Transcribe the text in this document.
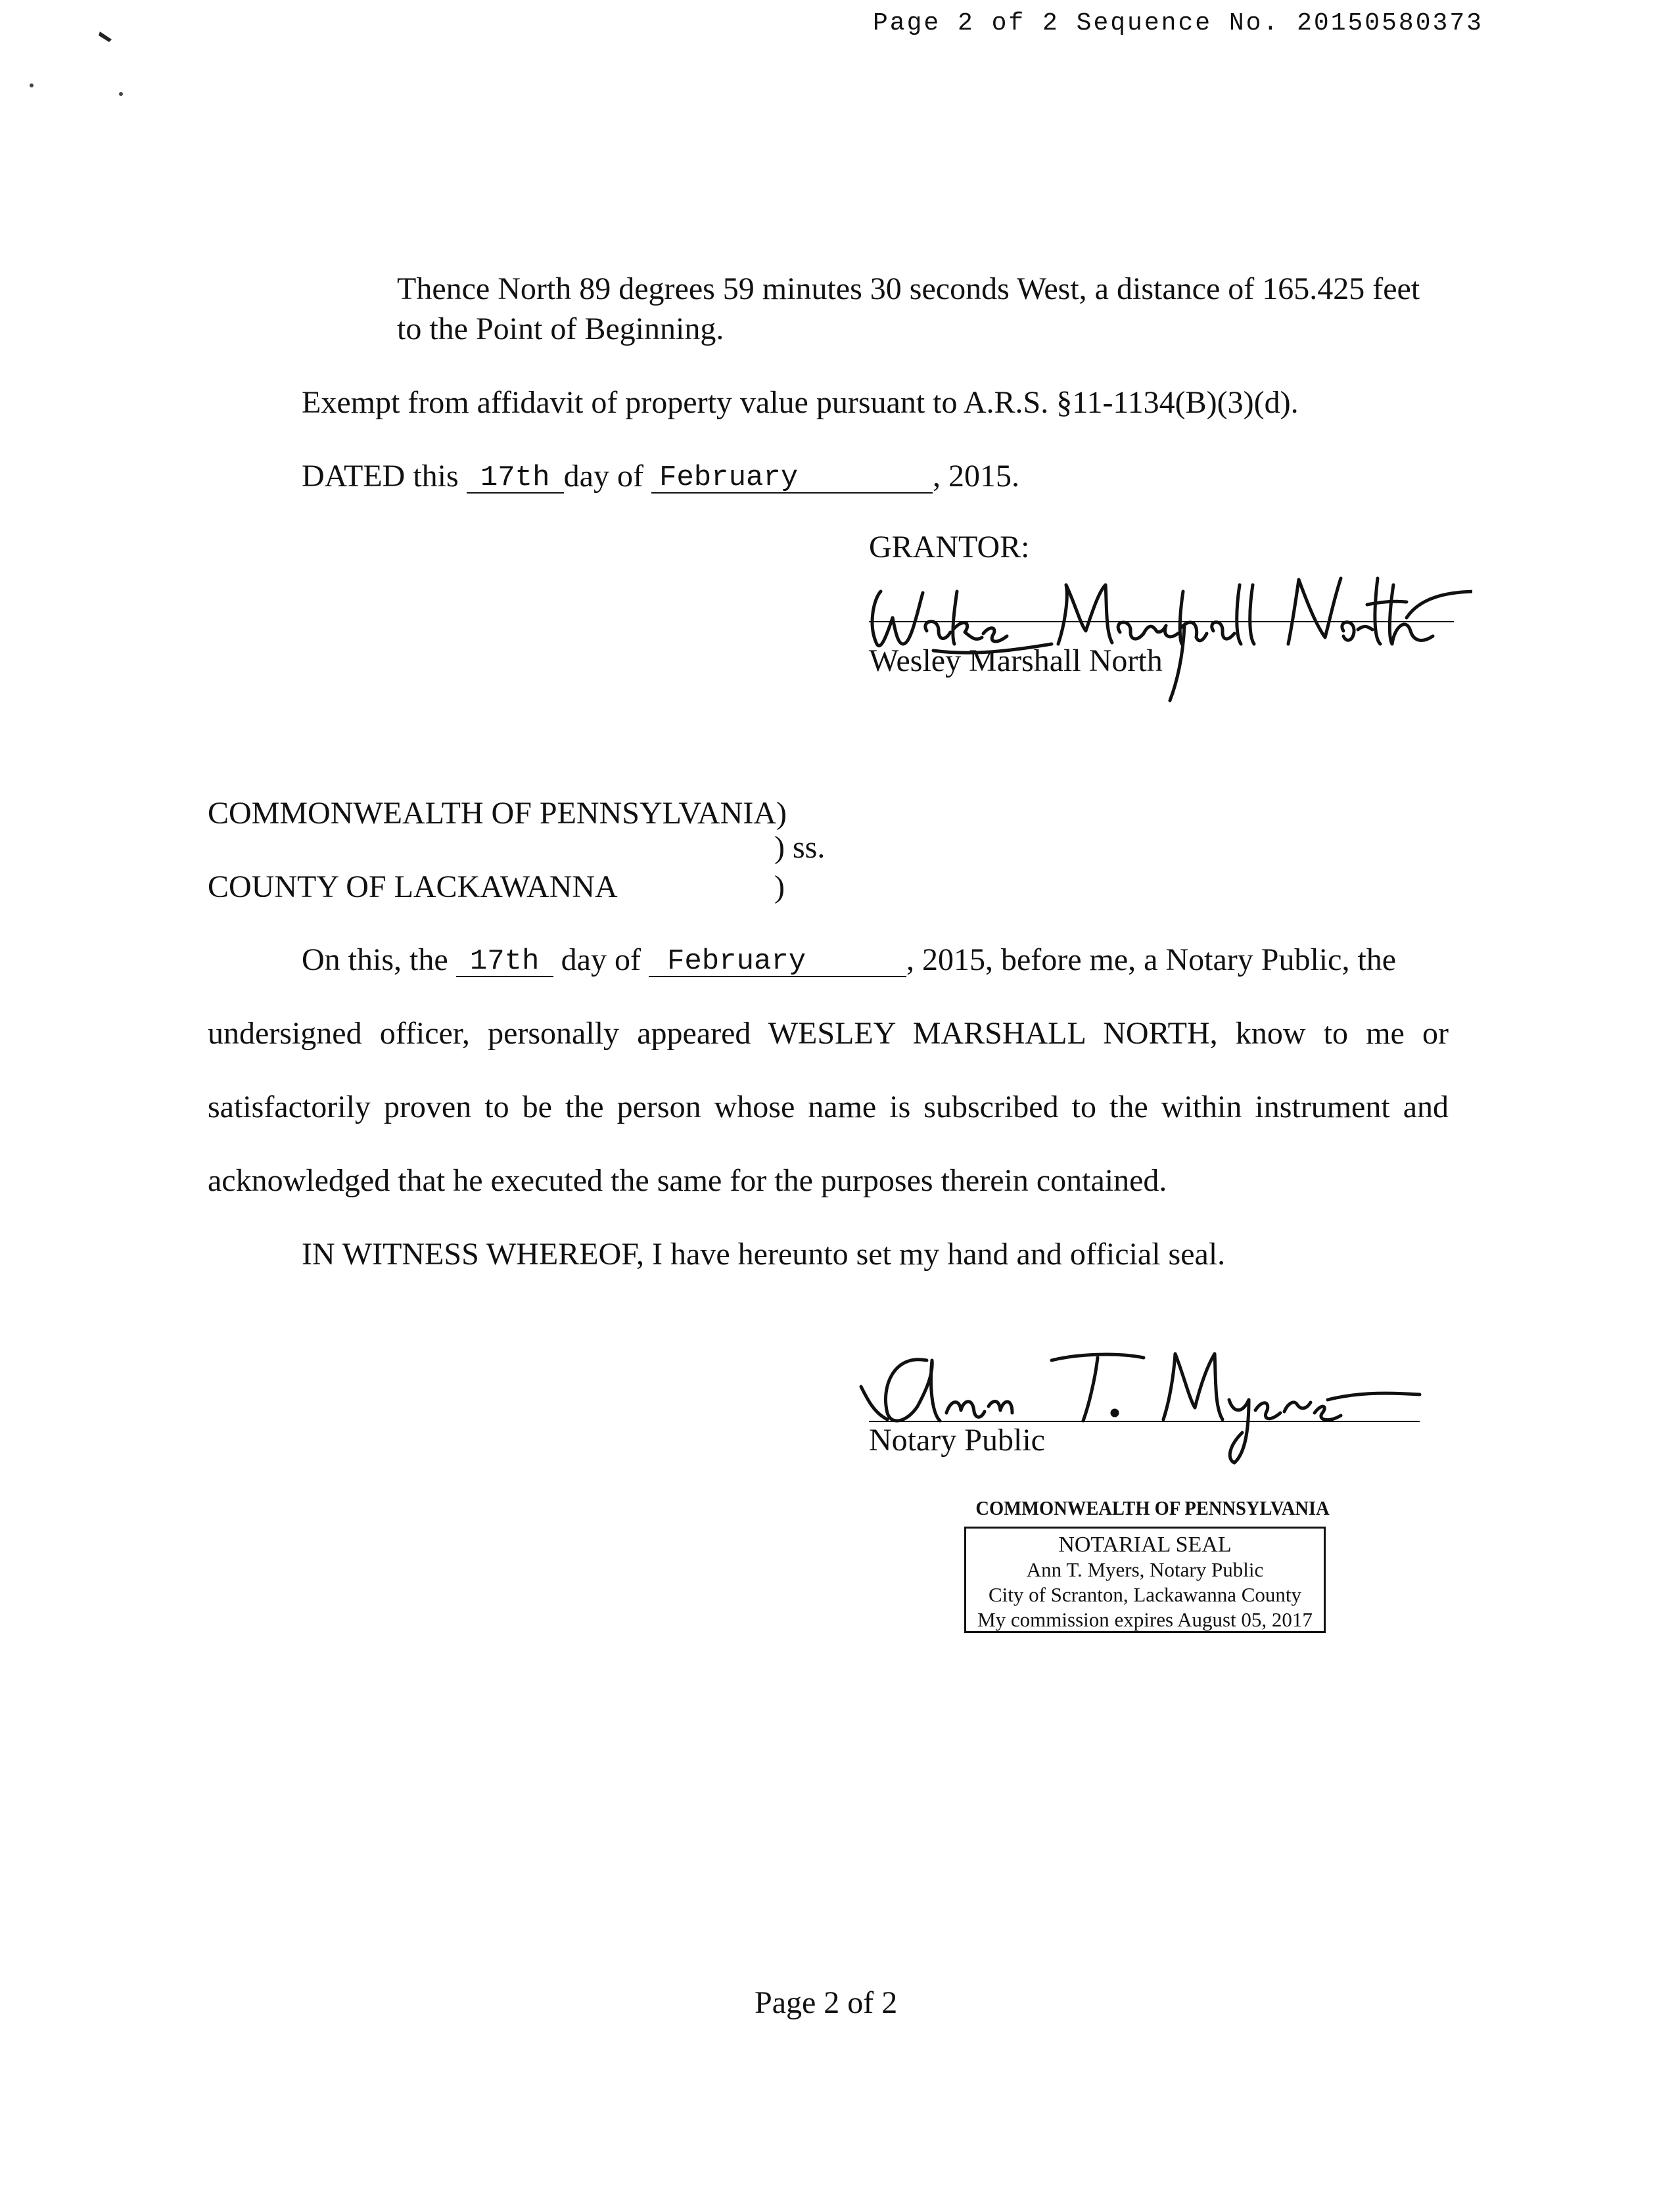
Page 2 of 2 Sequence No. 20150580373
Thence North 89 degrees 59 minutes 30 seconds West, a distance of 165.425 feet
to the Point of Beginning.
Exempt from affidavit of property value pursuant to A.R.S. §11-1134(B)(3)(d).
DATED this 17th day of February	, 2015.
GRANTOR:
Wesley Marshall North
COMMONWEALTH OF PENNSYLVANIA)
) ss.
COUNTY OF LACKAWANNA	)
On this, the 17th day of February	, 2015, before me, a Notary Public, the
undersigned officer, personally appeared WESLEY MARSHALL NORTH, know to me or
satisfactorily proven to be the person whose name is subscribed to the within instrument and
acknowledged that he executed the same for the purposes therein contained.
IN WITNESS WHEREOF, I have hereunto set my hand and official seal.
Notary Public
COMMONWEALTH OF PENNSYLVANIA
NOTARIAL SEAL
Ann T. Myers, Notary Public
City of Scranton, Lackawanna County
My commission expires August 05, 2017
Page 2 of 2
